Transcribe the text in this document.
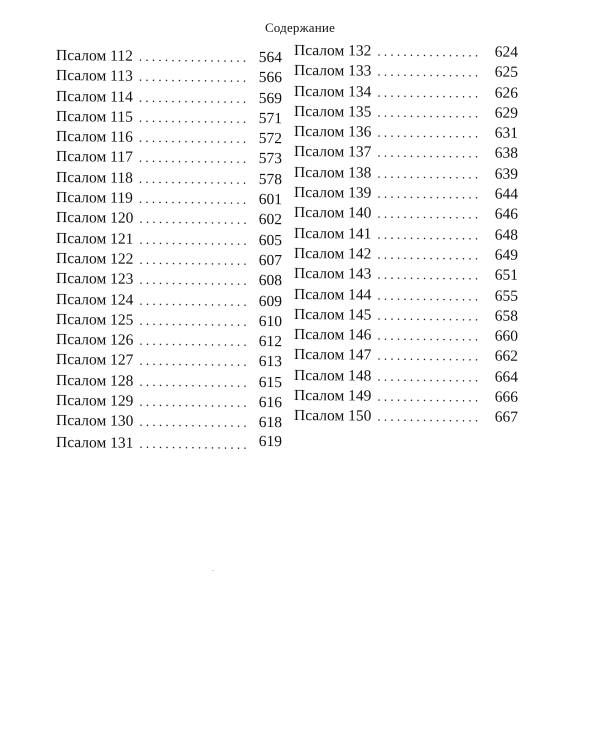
Содержание
Псалом 112 . . .	564
Псалом 113 . . .	566
Псалом 114 . . .	569
Псалом 115 . . .	571
Псалом 116 . . .	572
Псалом 117 . . .	573
Псалом 118 . . .	578
Псалом 119 . . .	601
Псалом 120 . . .	602
Псалом 121 . . .	605
Псалом 122 . . .	607
Псалом 123 . . .	608
Псалом 124 . . .	609
Псалом 125 . . .	610
Псалом 126 . . .	612
Псалом 127 . . .	613
Псалом 128 . . .	615
Псалом 129 . . .	616
Псалом 130 . . .	618
Псалом 131 . . .	619
Псалом 132 . . .	624
Псалом 133 . . .	625
Псалом 134 . . .	626
Псалом 135 . . .	629
Псалом 136 . . .	631
Псалом 137 . . .	638
Псалом 138 . . .	639
Псалом 139 . . .	644
Псалом 140 . . .	646
Псалом 141 . . .	648
Псалом 142 . . .	649
Псалом 143 . . .	651
Псалом 144 . . .	655
Псалом 145 . . .	658
Псалом 146 . . .	660
Псалом 147 . . .	662
Псалом 148 . . .	664
Псалом 149 . . .	666
Псалом 150 . . .	667
